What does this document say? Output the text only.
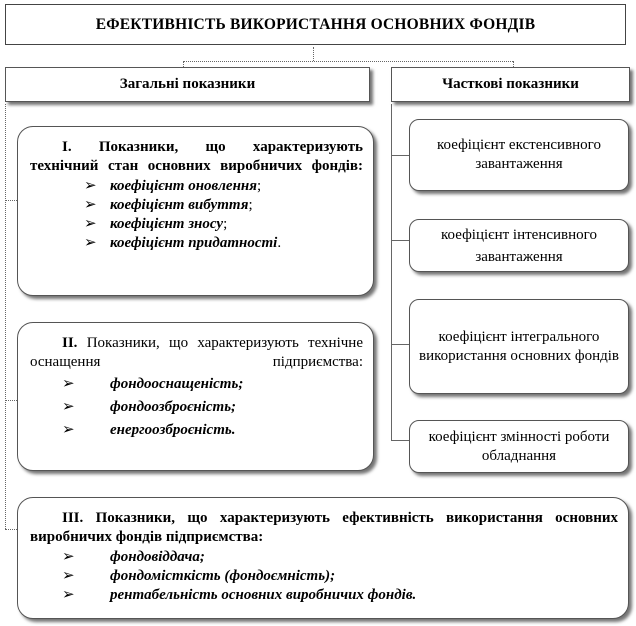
ЕФЕКТИВНІСТЬ ВИКОРИСТАННЯ ОСНОВНИХ ФОНДІВ
Загальні показники	Часткові показники
І. Показники, що характеризують технічний стан основних виробничих фондів:
➢ коефіцієнт оновлення;
➢ коефіцієнт вибуття;
➢ коефіцієнт зносу;
➢ коефіцієнт придатності.
ІІ. Показники, що характеризують технічне оснащення підприємства:
➢ фондооснащеність;
➢ фондоозброєність;
➢ енергоозброєність.
ІІІ. Показники, що характеризують ефективність використання основних виробничих фондів підприємства:
➢ фондовіддача;
➢ фондомісткість (фондоємність);
➢ рентабельність основних виробничих фондів.
коефіцієнт екстенсивного завантаження
коефіцієнт інтенсивного завантаження
коефіцієнт інтегрального використання основних фондів
коефіцієнт змінності роботи обладнання
